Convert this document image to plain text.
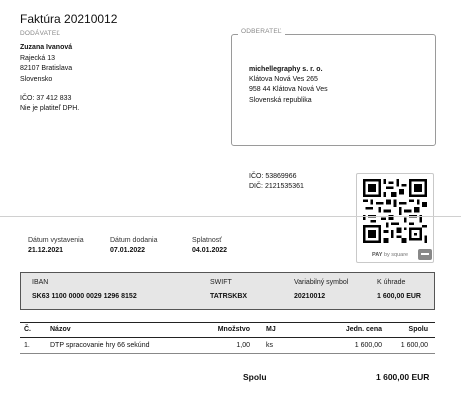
Faktúra 20210012
DODÁVATEĽ
Zuzana Ivanová
Rajecká 13
82107 Bratislava
Slovensko
IČO: 37 412 833
Nie je platiteľ DPH.
ODBERATEĽ
michellegraphy s. r. o.
Klátova Nová Ves 265
958 44 Klátova Nová Ves
Slovenská republika
IČO: 53869966
DIČ: 2121535361
PAY by square
Dátum vystavenia
21.12.2021
Dátum dodania
07.01.2022
Splatnosť
04.01.2022
IBAN
SK63 1100 0000 0029 1296 8152
SWIFT
TATRSKBX
Variabilný symbol
20210012
K úhrade
1 600,00 EUR
Č.	Názov	Množstvo MJ	Jedn. cena	Spolu
1.	DTP spracovanie hry 66 sekúnd	1,00 ks	1 600,00	1 600,00
Spolu	1 600,00 EUR
